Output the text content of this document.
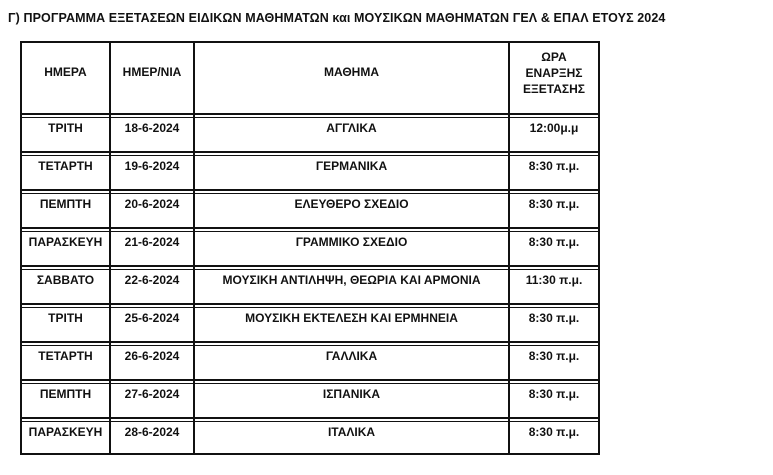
Γ) ΠΡΟΓΡΑΜΜΑ ΕΞΕΤΑΣΕΩΝ ΕΙΔΙΚΩΝ ΜΑΘΗΜΑΤΩΝ και ΜΟΥΣΙΚΩΝ ΜΑΘΗΜΑΤΩΝ ΓΕΛ & ΕΠΑΛ ΕΤΟΥΣ 2024
ΗΜΕΡΑ	ΗΜΕΡ/ΝΙΑ	ΜΑΘΗΜΑ	ΩΡΑ
ΕΝΑΡΞΗΣ
ΕΞΕΤΑΣΗΣ

ΤΡΙΤΗ	18-6-2024	ΑΓΓΛΙΚΑ	12:00μ.μ
ΤΕΤΑΡΤΗ	19-6-2024	ΓΕΡΜΑΝΙΚΑ	8:30 π.μ.
ΠΕΜΠΤΗ	20-6-2024	ΕΛΕΥΘΕΡΟ ΣΧΕΔΙΟ	8:30 π.μ.
ΠΑΡΑΣΚΕΥΗ	21-6-2024	ΓΡΑΜΜΙΚΟ ΣΧΕΔΙΟ	8:30 π.μ.
ΣΑΒΒΑΤΟ	22-6-2024	ΜΟΥΣΙΚΗ ΑΝΤΙΛΗΨΗ, ΘΕΩΡΙΑ ΚΑΙ ΑΡΜΟΝΙΑ	11:30 π.μ.
ΤΡΙΤΗ	25-6-2024	ΜΟΥΣΙΚΗ ΕΚΤΕΛΕΣΗ ΚΑΙ ΕΡΜΗΝΕΙΑ	8:30 π.μ.
ΤΕΤΑΡΤΗ	26-6-2024	ΓΑΛΛΙΚΑ	8:30 π.μ.
ΠΕΜΠΤΗ	27-6-2024	ΙΣΠΑΝΙΚΑ	8:30 π.μ.
ΠΑΡΑΣΚΕΥΗ	28-6-2024	ΙΤΑΛΙΚΑ	8:30 π.μ.
